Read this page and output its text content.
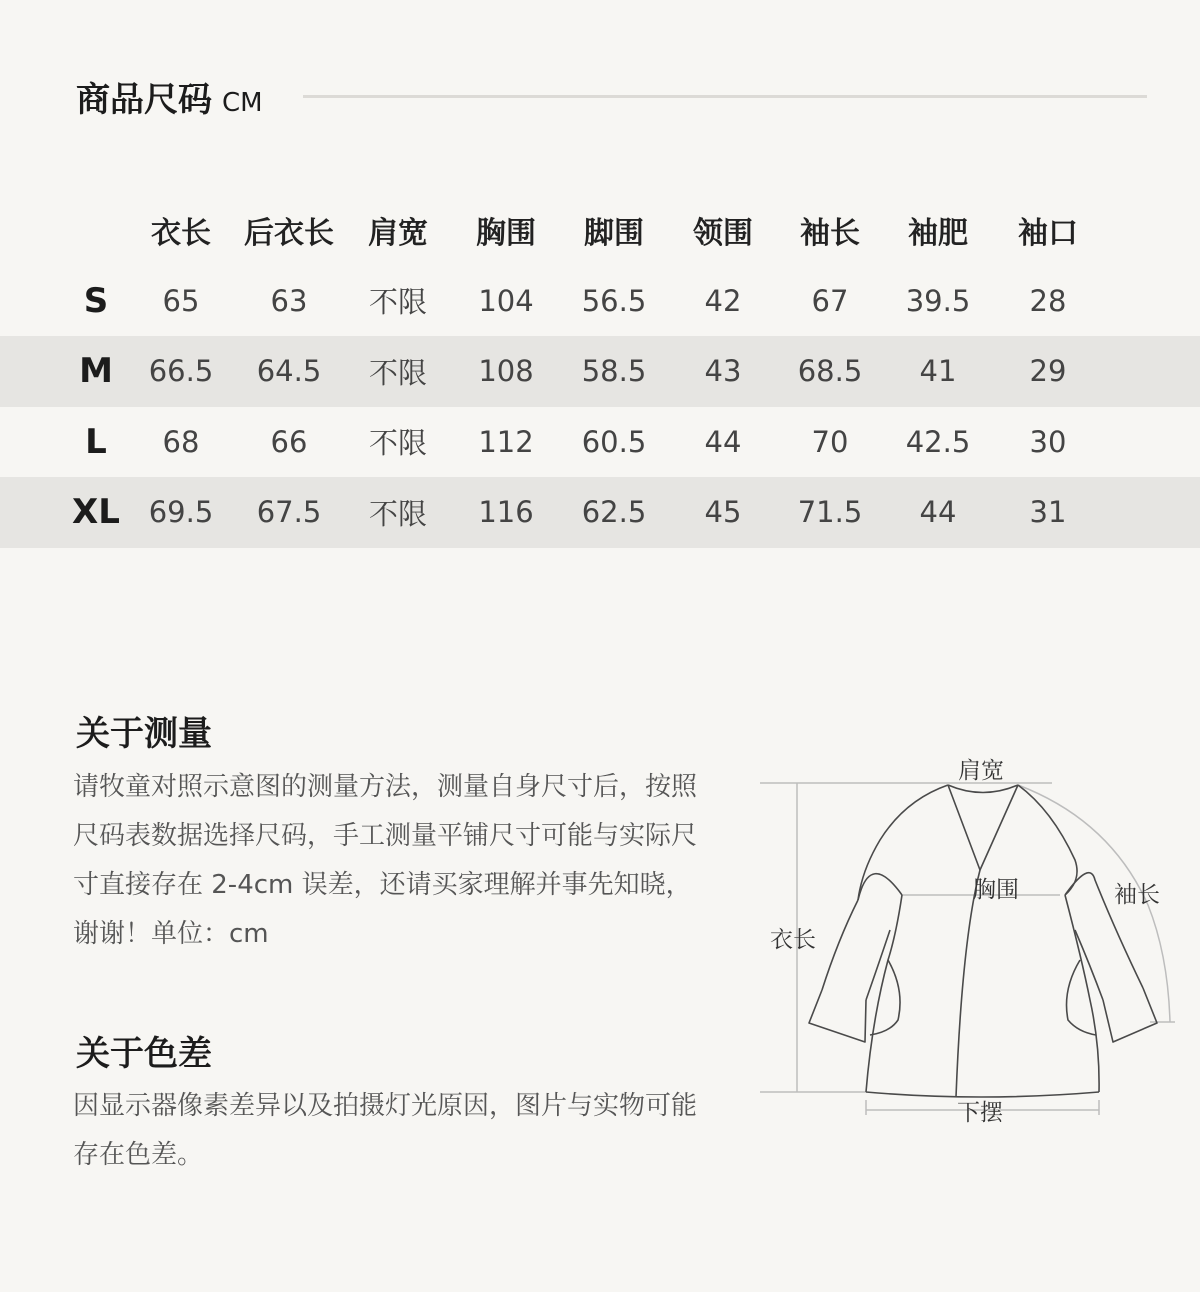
商品尺码 CM
衣长	后衣长	肩宽	胸围	脚围	领围	袖长	袖肥	袖口
S	65	63	不限	104	56.5	42	67	39.5	28
M	66.5	64.5	不限	108	58.5	43	68.5	41	29
L	68	66	不限	112	60.5	44	70	42.5	30
XL 69.5	67.5	不限	116	62.5	45	71.5	44	31
关于测量
请牧童对照示意图的测量方法，测量自身尺寸后，按照
尺码表数据选择尺码，手工测量平铺尺寸可能与实际尺
寸直接存在 2-4cm 误差，还请买家理解并事先知晓，
谢谢！单位：cm
关于色差
因显示器像素差异以及拍摄灯光原因，图片与实物可能
存在色差。
肩宽
胸围	袖长
衣长
下摆
